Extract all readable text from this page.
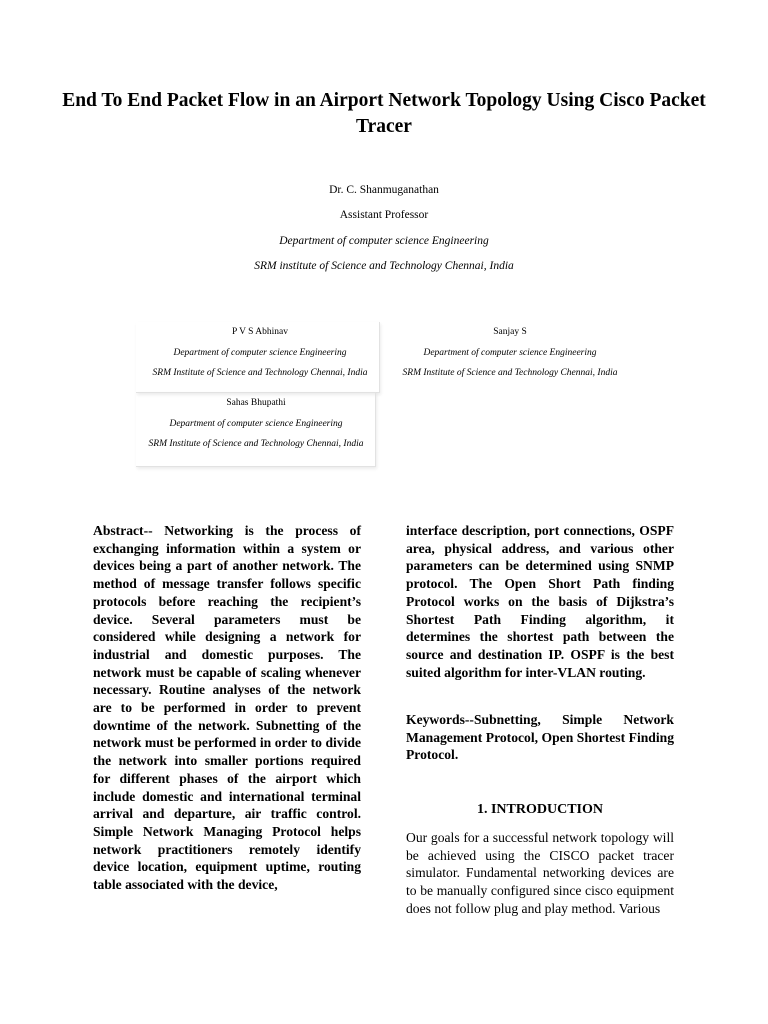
End To End Packet Flow in an Airport Network Topology Using Cisco Packet Tracer

Dr. C. Shanmuganathan

Assistant Professor

Department of computer science Engineering

SRM institute of Science and Technology Chennai, India

P V S Abhinav
Department of computer science Engineering
SRM Institute of Science and Technology Chennai, India
Sanjay S
Department of computer science Engineering
SRM Institute of Science and Technology Chennai, India
Sahas Bhupathi
Department of computer science Engineering
SRM Institute of Science and Technology Chennai, India

Abstract-- Networking is the process of exchanging information within a system or devices being a part of another network. The method of message transfer follows specific protocols before reaching the recipient’s device. Several parameters must be considered while designing a network for industrial and domestic purposes. The network must be capable of scaling whenever necessary. Routine analyses of the network are to be performed in order to prevent downtime of the network. Subnetting of the network must be performed in order to divide the network into smaller portions required for different phases of the airport which include domestic and international terminal arrival and departure, air traffic control. Simple Network Managing Protocol helps network practitioners remotely identify device location, equipment uptime, routing table associated with the device,

interface description, port connections, OSPF area, physical address, and various other parameters can be determined using SNMP protocol. The Open Short Path finding Protocol works on the basis of Dijkstra’s Shortest Path Finding algorithm, it determines the shortest path between the source and destination IP. OSPF is the best suited algorithm for inter-VLAN routing.

Keywords--Subnetting, Simple Network Management Protocol, Open Shortest Finding Protocol.

1. INTRODUCTION

Our goals for a successful network topology will be achieved using the CISCO packet tracer simulator. Fundamental networking devices are to be manually configured since cisco equipment does not follow plug and play method. Various
